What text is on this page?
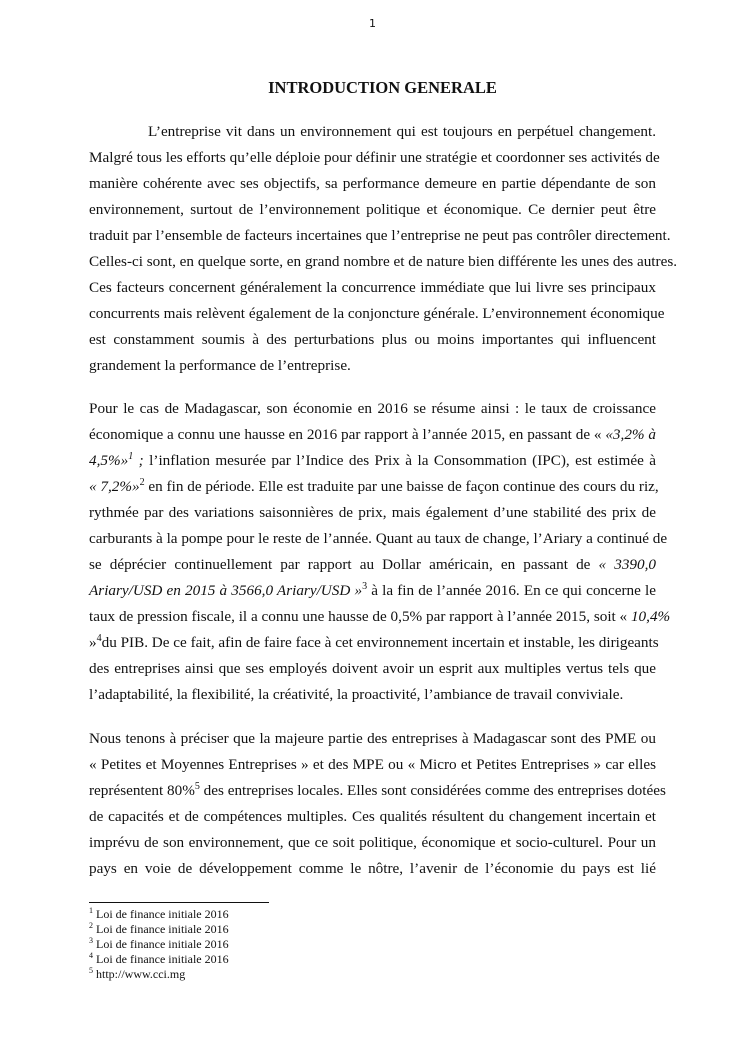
1
INTRODUCTION GENERALE
L’entreprise vit dans un environnement qui est toujours en perpétuel changement.
Malgré tous les efforts qu’elle déploie pour définir une stratégie et coordonner ses activités de
manière cohérente avec ses objectifs, sa performance demeure en partie dépendante de son
environnement, surtout de l’environnement politique et économique. Ce dernier peut être
traduit par l’ensemble de facteurs incertaines que l’entreprise ne peut pas contrôler directement.
Celles-ci sont, en quelque sorte, en grand nombre et de nature bien différente les unes des autres.
Ces facteurs concernent généralement la concurrence immédiate que lui livre ses principaux
concurrents mais relèvent également de la conjoncture générale. L’environnement économique
est constamment soumis à des perturbations plus ou moins importantes qui influencent
grandement la performance de l’entreprise.
Pour le cas de Madagascar, son économie en 2016 se résume ainsi : le taux de croissance
économique a connu une hausse en 2016 par rapport à l’année 2015, en passant de « «3,2% à
4,5%»$^1$ ; l’inflation mesurée par l’Indice des Prix à la Consommation (IPC), est estimée à
« 7,2%»$^2$ en fin de période. Elle est traduite par une baisse de façon continue des cours du riz,
rythmée par des variations saisonnières de prix, mais également d’une stabilité des prix de
carburants à la pompe pour le reste de l’année. Quant au taux de change, l’Ariary a continué de
se déprécier continuellement par rapport au Dollar américain, en passant de « 3390,0
Ariary/USD en 2015 à 3566,0 Ariary/USD »$^3$ à la fin de l’année 2016. En ce qui concerne le
taux de pression fiscale, il a connu une hausse de 0,5% par rapport à l’année 2015, soit « 10,4%
»$^4$du PIB. De ce fait, afin de faire face à cet environnement incertain et instable, les dirigeants
des entreprises ainsi que ses employés doivent avoir un esprit aux multiples vertus tels que
l’adaptabilité, la flexibilité, la créativité, la proactivité, l’ambiance de travail conviviale.
Nous tenons à préciser que la majeure partie des entreprises à Madagascar sont des PME ou
« Petites et Moyennes Entreprises » et des MPE ou « Micro et Petites Entreprises » car elles
représentent 80%$^5$ des entreprises locales. Elles sont considérées comme des entreprises dotées
de capacités et de compétences multiples. Ces qualités résultent du changement incertain et
imprévu de son environnement, que ce soit politique, économique et socio-culturel. Pour un
pays en voie de développement comme le nôtre, l’avenir de l’économie du pays est lié
$^1$ Loi de finance initiale 2016
$^2$ Loi de finance initiale 2016
$^3$ Loi de finance initiale 2016
$^4$ Loi de finance initiale 2016
$^5$ http://www.cci.mg
